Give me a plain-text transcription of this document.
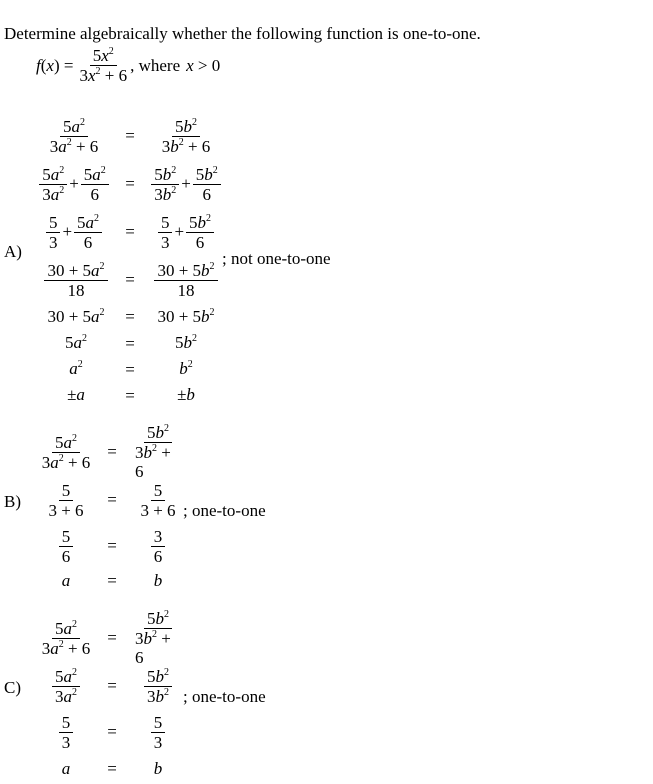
Determine algebraically whether the following function is one-to-one.
$f(x) = \frac{5x^2}{3x^2 + 6}$ , where x > 0
A)	; not one-to-one
$\frac{5a^2}{3a^2 + 6}$	=	$\frac{5b^2}{3b^2 + 6}$
$\frac{5a^2}{3a^2} + \frac{5a^2}{6} = \frac{5b^2}{3b^2} + \frac{5b^2}{6}$
$\frac{5}{3} + \frac{5a^2}{6}$	=	$\frac{5}{3} + \frac{5b^2}{6}$
$\frac{30 + 5a^2}{18}$	=	$\frac{30 + 5b^2}{18}$
$30 + 5a^2$	=	$30 + 5b^2$
$5a^2$	=	$5b^2$
$a^2$	=	$b^2$
±a	=	±b
B)	; one-to-one
$\frac{5a^2}{3a^2 + 6} = \frac{5b^2}{3b^2 + 6}$
$\frac{5}{3 + 6}$	=	$\frac{5}{3 + 6}$
$\frac{5}{6}$	=	$\frac{3}{6}$
a	=	b
C)	; one-to-one
$\frac{5a^2}{3a^2 + 6} = \frac{5b^2}{3b^2 + 6}$
$\frac{5a^2}{3a^2}$	=	$\frac{5b^2}{3b^2}$
$\frac{5}{3}$	=	$\frac{5}{3}$
a	=	b
